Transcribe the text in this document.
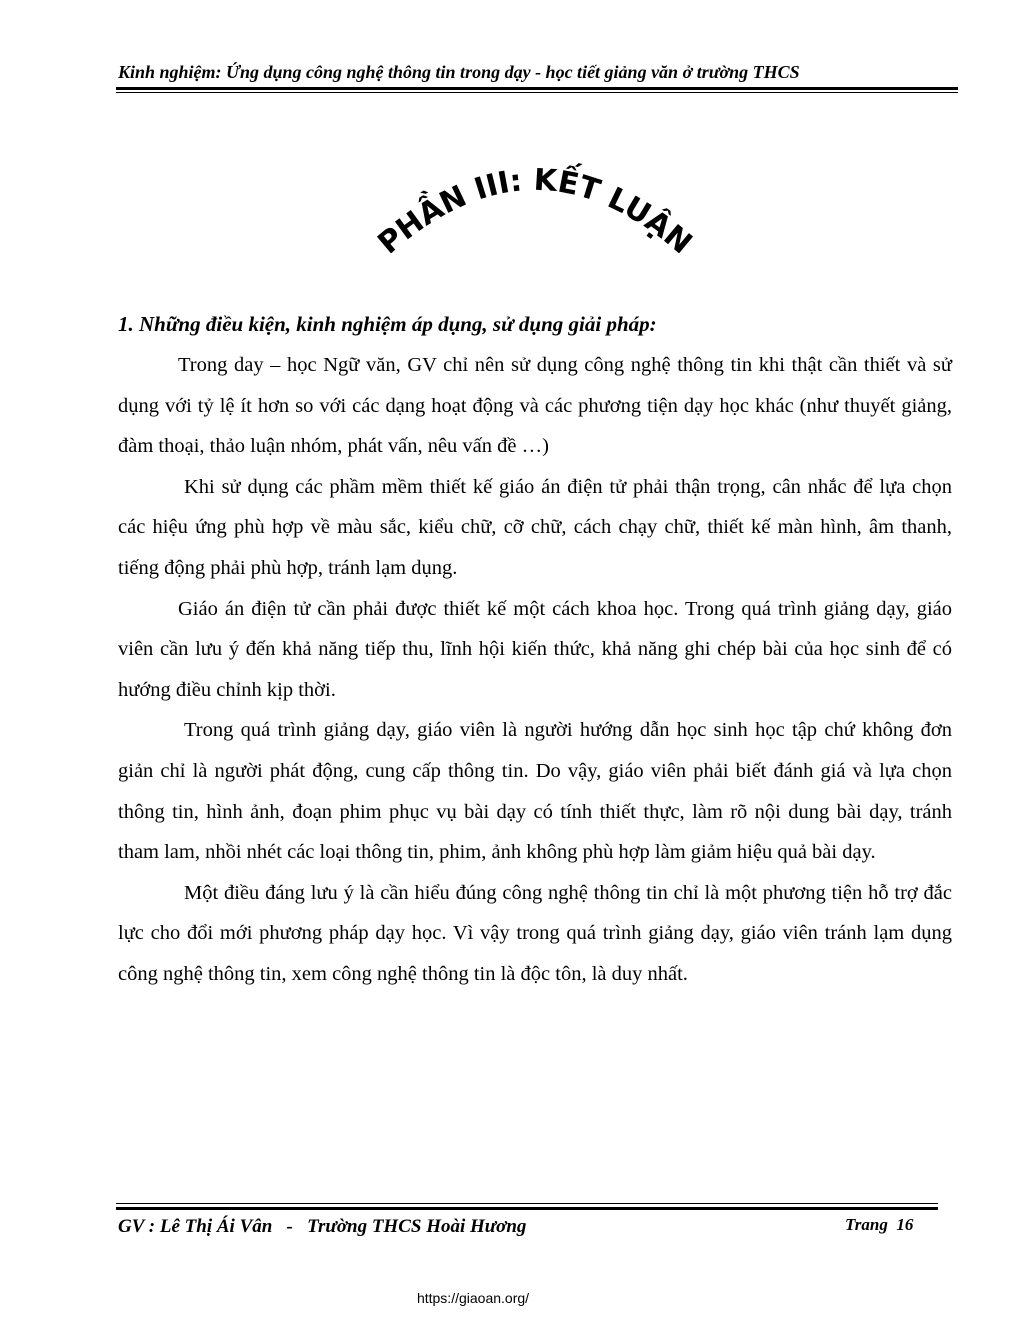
Kinh nghiệm: Ứng dụng công nghệ thông tin trong dạy - học tiết giảng văn ở trường THCS
PHẦN III: KẾT LUẬN
1. Những điều kiện, kinh nghiệm áp dụng, sử dụng giải pháp:

Trong day – học Ngữ văn, GV chỉ nên sử dụng công nghệ thông tin khi thật cần thiết và sử dụng với tỷ lệ ít hơn so với các dạng hoạt động và các phương tiện dạy học khác (như thuyết giảng, đàm thoại, thảo luận nhóm, phát vấn, nêu vấn đề …)

Khi sử dụng các phầm mềm thiết kế giáo án điện tử phải thận trọng, cân nhắc để lựa chọn các hiệu ứng phù hợp về màu sắc, kiểu chữ, cỡ chữ, cách chạy chữ, thiết kế màn hình, âm thanh, tiếng động phải phù hợp, tránh lạm dụng.

Giáo án điện tử cần phải được thiết kế một cách khoa học. Trong quá trình giảng dạy, giáo viên cần lưu ý đến khả năng tiếp thu, lĩnh hội kiến thức, khả năng ghi chép bài của học sinh để có hướng điều chỉnh kịp thời.

Trong quá trình giảng dạy, giáo viên là người hướng dẫn học sinh học tập chứ không đơn giản chỉ là người phát động, cung cấp thông tin. Do vậy, giáo viên phải biết đánh giá và lựa chọn thông tin, hình ảnh, đoạn phim phục vụ bài dạy có tính thiết thực, làm rõ nội dung bài dạy, tránh tham lam, nhồi nhét các loại thông tin, phim, ảnh không phù hợp làm giảm hiệu quả bài dạy.

Một điều đáng lưu ý là cần hiểu đúng công nghệ thông tin chỉ là một phương tiện hỗ trợ đắc lực cho đổi mới phương pháp dạy học. Vì vậy trong quá trình giảng dạy, giáo viên tránh lạm dụng công nghệ thông tin, xem công nghệ thông tin là độc tôn, là duy nhất.

GV : Lê Thị Ái Vân   -   Trường THCS Hoài Hương	Trang  16
https://giaoan.org/
